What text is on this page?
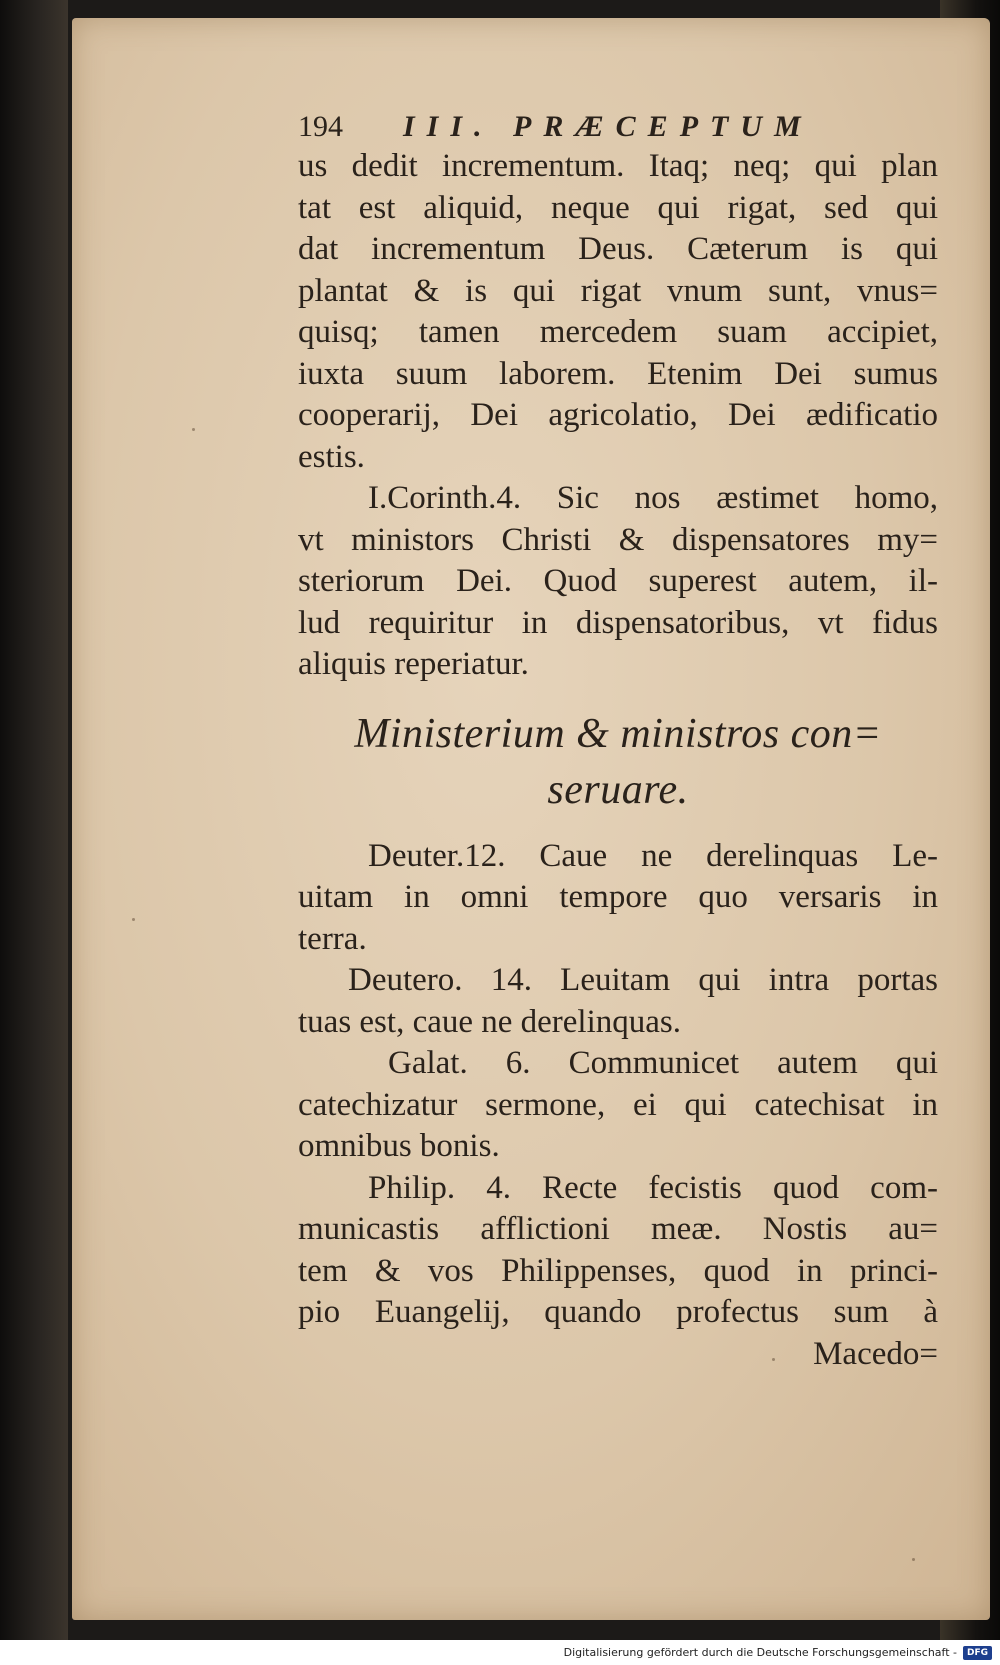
194 III. PRÆCEPTUM
us dedit incrementum. Itaq; neq; qui plan
tat est aliquid, neque qui rigat, sed qui
dat incrementum Deus. Cæterum is qui
plantat & is qui rigat vnum sunt, vnus=
quisq; tamen mercedem suam accipiet,
iuxta suum laborem. Etenim Dei sumus
cooperarij, Dei agricolatio, Dei ædificatio
estis.
I.Corinth.4. Sic nos æstimet homo,
vt ministors Christi & dispensatores my=
steriorum Dei. Quod superest autem, il-
lud requiritur in dispensatoribus, vt fidus
aliquis reperiatur.
Ministerium & ministros con=
seruare.
Deuter.12. Caue ne derelinquas Le-
uitam in omni tempore quo versaris in
terra.
Deutero. 14. Leuitam qui intra portas
tuas est, caue ne derelinquas.
Galat. 6. Communicet autem qui
catechizatur sermone, ei qui catechisat in
omnibus bonis.
Philip. 4. Recte fecistis quod com-
municastis afflictioni meæ. Nostis au=
tem & vos Philippenses, quod in princi-
pio Euangelij, quando profectus sum à
Macedo=
Digitalisierung gefördert durch die Deutsche Forschungsgemeinschaft -	DFG
